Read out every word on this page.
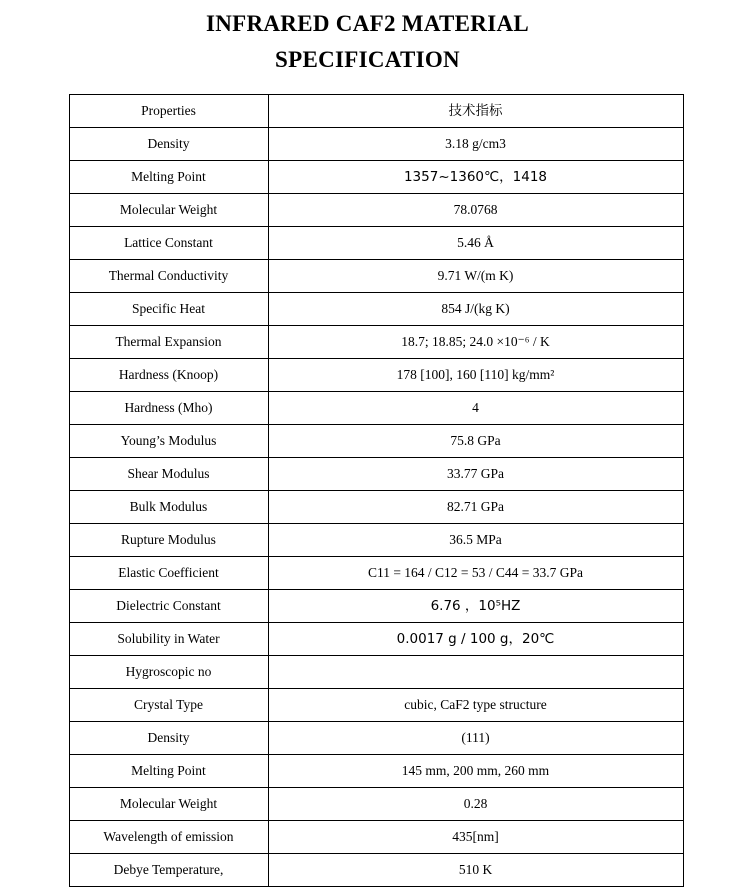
INFRARED CAF2 MATERIAL
SPECIFICATION
Properties	技术指标
Density	3.18 g/cm3
Melting Point	1357~1360℃，1418
Molecular Weight	78.0768
Lattice Constant	5.46 Å
Thermal Conductivity	9.71 W/(m K)
Specific Heat	854 J/(kg K)
Thermal Expansion	18.7; 18.85; 24.0 ×10⁻⁶ / K
Hardness (Knoop)	178 [100], 160 [110] kg/mm²
Hardness (Mho)	4
Young’s Modulus	75.8 GPa
Shear Modulus	33.77 GPa
Bulk Modulus	82.71 GPa
Rupture Modulus	36.5 MPa
Elastic Coefficient	C11 = 164 / C12 = 53 / C44 = 33.7 GPa
Dielectric Constant	6.76 ，10⁵HZ
Solubility in Water	0.0017 g / 100 g，20℃
Hygroscopic no	
Crystal Type	cubic, CaF2 type structure
Density	(111)
Melting Point	145 mm, 200 mm, 260 mm
Molecular Weight	0.28
Wavelength of emission	435[nm]
Debye Temperature,	510 K
